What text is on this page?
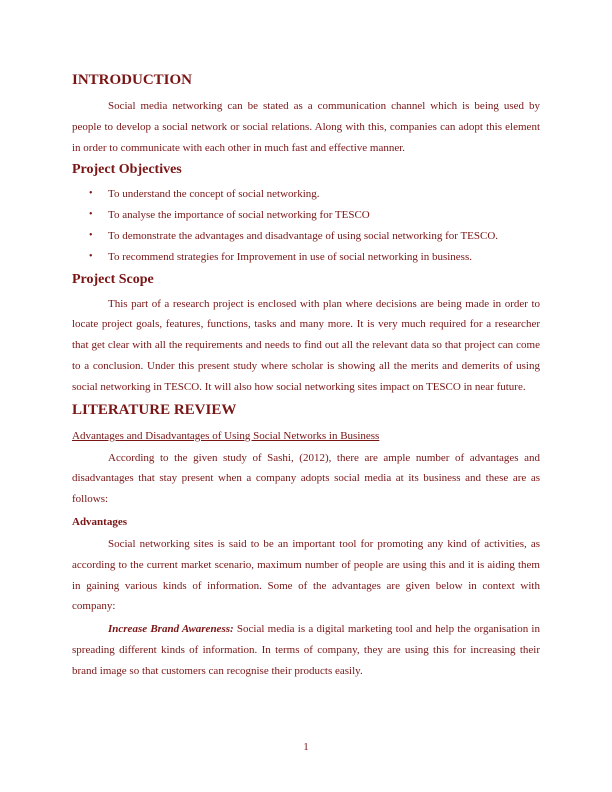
INTRODUCTION

Social media networking can be stated as a communication channel which is being used by people to develop a social network or social relations. Along with this, companies can adopt this element in order to communicate with each other in much fast and effective manner.

Project Objectives
• To understand the concept of social networking.
• To analyse the importance of social networking for TESCO
• To demonstrate the advantages and disadvantage of using social networking for TESCO.
• To recommend strategies for Improvement in use of social networking in business.
Project Scope

This part of a research project is enclosed with plan where decisions are being made in order to locate project goals, features, functions, tasks and many more. It is very much required for a researcher that get clear with all the requirements and needs to find out all the relevant data so that project can come to a conclusion. Under this present study where scholar is showing all the merits and demerits of using social networking in TESCO. It will also how social networking sites impact on TESCO in near future.

LITERATURE REVIEW
Advantages and Disadvantages of Using Social Networks in Business

According to the given study of Sashi, (2012), there are ample number of advantages and disadvantages that stay present when a company adopts social media at its business and these are as follows:

Advantages

Social networking sites is said to be an important tool for promoting any kind of activities, as according to the current market scenario, maximum number of people are using this and it is aiding them in gaining various kinds of information. Some of the advantages are given below in context with company:

Increase Brand Awareness: Social media is a digital marketing tool and help the organisation in spreading different kinds of information. In terms of company, they are using this for increasing their brand image so that customers can recognise their products easily.

1
